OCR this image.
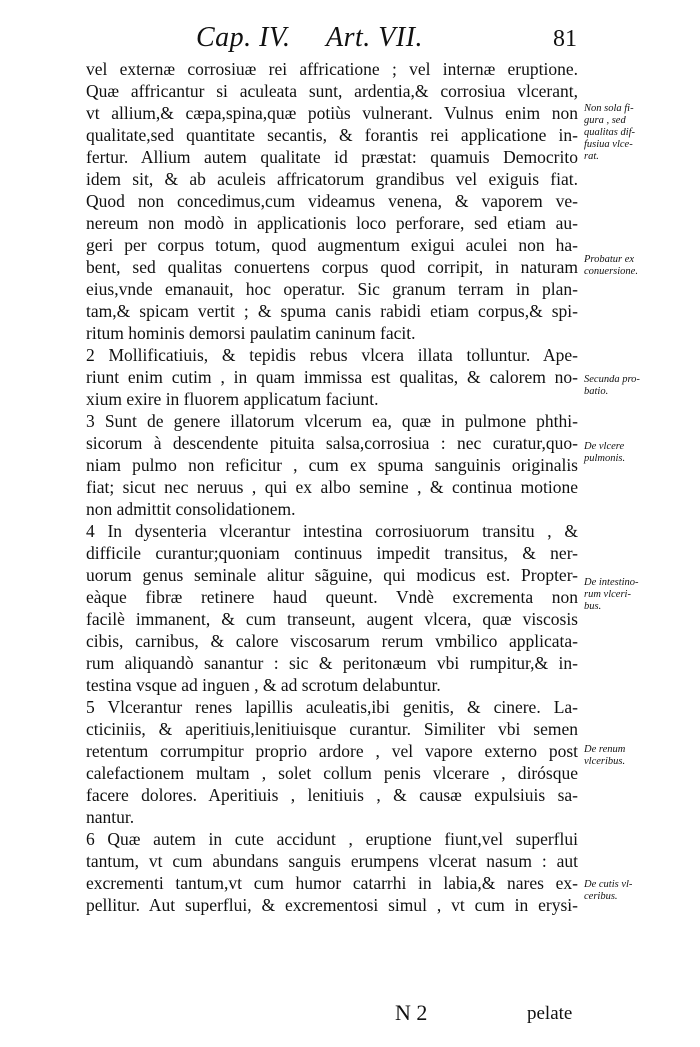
Cap. IV. Art. VII.	81
vel externæ corrosiuæ rei affricatione ; vel internæ eruptione.
Quæ affricantur si aculeata sunt, ardentia,& corrosiua vlcerant,
vt allium,& cæpa,spina,quæ potiùs vulnerant. Vulnus enim non
qualitate,sed quantitate secantis, & forantis rei applicatione in-
fertur. Allium autem qualitate id præstat: quamuis Democrito
idem sit, & ab aculeis affricatorum grandibus vel exiguis fiat.
Quod non concedimus,cum videamus venena, & vaporem ve-
nereum non modò in applicationis loco perforare, sed etiam au-
geri per corpus totum, quod augmentum exigui aculei non ha-
bent, sed qualitas conuertens corpus quod corripit, in naturam
eius,vnde emanauit, hoc operatur. Sic granum terram in plan-
tam,& spicam vertit ; & spuma canis rabidi etiam corpus,& spi-
ritum hominis demorsi paulatim caninum facit.
2 Mollificatiuis, & tepidis rebus vlcera illata tolluntur. Ape-
riunt enim cutim , in quam immissa est qualitas, & calorem no-
xium exire in fluorem applicatum faciunt.
3 Sunt de genere illatorum vlcerum ea, quæ in pulmone phthi-
sicorum à descendente pituita salsa,corrosiua : nec curatur,quo-
niam pulmo non reficitur , cum ex spuma sanguinis originalis
fiat; sicut nec neruus , qui ex albo semine , & continua motione
non admittit consolidationem.
4 In dysenteria vlcerantur intestina corrosiuorum transitu , &
difficile curantur;quoniam continuus impedit transitus, & ner-
uorum genus seminale alitur sãguine, qui modicus est. Propter-
eàque fibræ retinere haud queunt. Vndè excrementa non
facilè immanent, & cum transeunt, augent vlcera, quæ viscosis
cibis, carnibus, & calore viscosarum rerum vmbilico applicata-
rum aliquandò sanantur : sic & peritonæum vbi rumpitur,& in-
testina vsque ad inguen , & ad scrotum delabuntur.
5 Vlcerantur renes lapillis aculeatis,ibi genitis, & cinere. La-
cticiniis, & aperitiuis,lenitiuisque curantur. Similiter vbi semen
retentum corrumpitur proprio ardore , vel vapore externo post
calefactionem multam , solet collum penis vlcerare , dirósque
facere dolores. Aperitiuis , lenitiuis , & causæ expulsiuis sa-
nantur.
6 Quæ autem in cute accidunt , eruptione fiunt,vel superflui
tantum, vt cum abundans sanguis erumpens vlcerat nasum : aut
excrementi tantum,vt cum humor catarrhi in labia,& nares ex-
pellitur. Aut superflui, & excrementosi simul , vt cum in erysi-
Non sola fi-
gura , sed
qualitas dif-
fusiua vlce-
rat.
Probatur ex
conuersione.
Secunda pro-
batio.
De vlcere
pulmonis.
De intestino-
rum vlceri-
bus.
De renum
vlceribus.
De cutis vl-
ceribus.
N 2	pelate
